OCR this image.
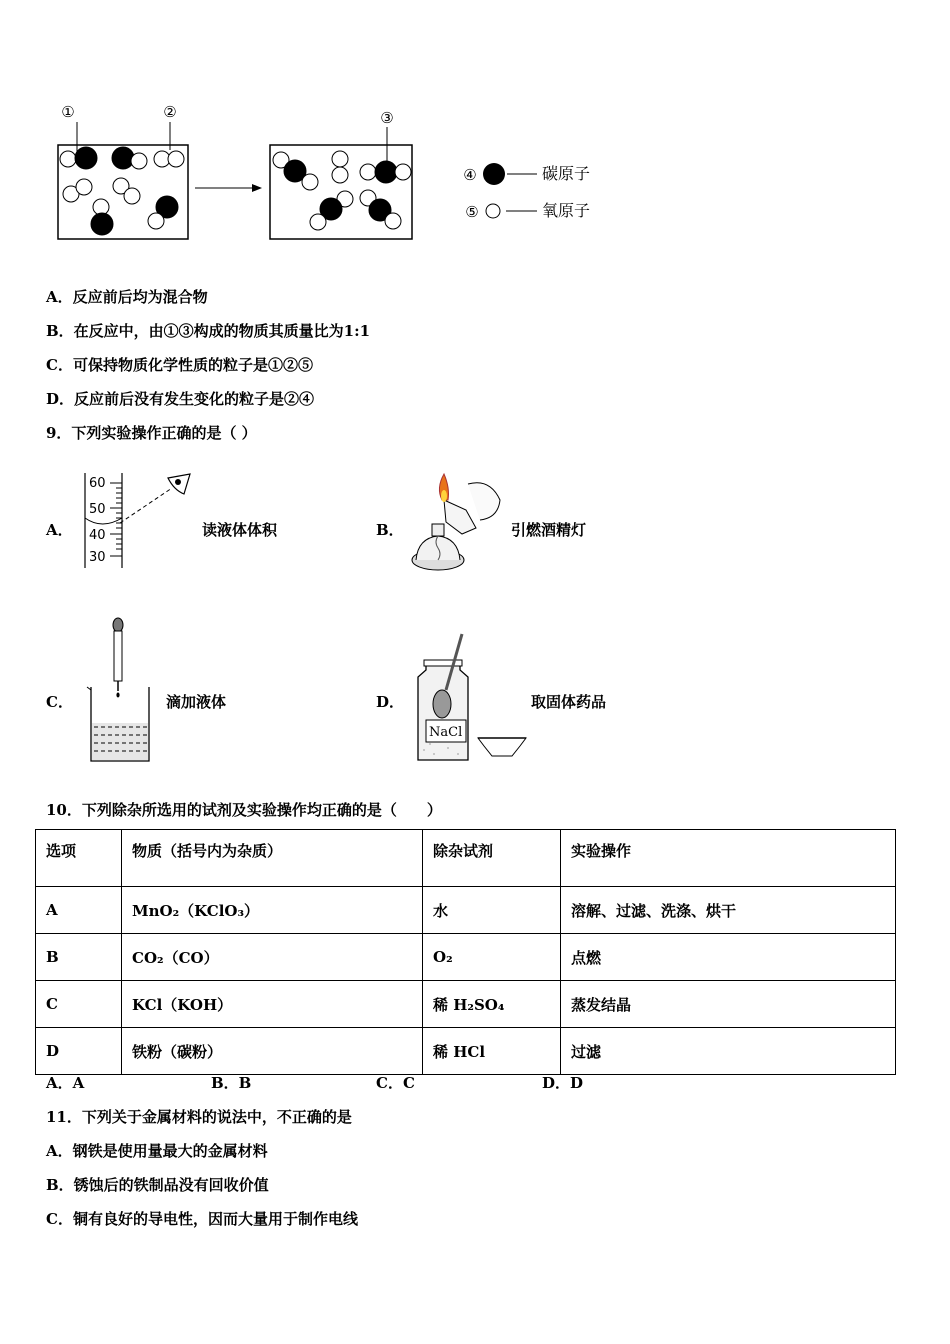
①	②	③
④	碳原子
⑤	氧原子
A．反应前后均为混合物
B．在反应中，由①③构成的物质其质量比为1:1
C．可保持物质化学性质的粒子是①②⑤
D．反应前后没有发生变化的粒子是②④
9．下列实验操作正确的是（ ）
A．
60
50
40
30
读液体体积	B．	引燃酒精灯
C．	滴加液体	D．
NaCl
取固体药品
10．下列除杂所选用的试剂及实验操作均正确的是（　　）
选项	物质（括号内为杂质）	除杂试剂	实验操作
A	MnO₂（KClO₃）	水	溶解、过滤、洗涤、烘干
B	CO₂（CO）	O₂	点燃
C	KCl（KOH）	稀 H₂SO₄	蒸发结晶
D	铁粉（碳粉）	稀 HCl	过滤
A．A	B．B	C．C	D．D
11．下列关于金属材料的说法中，不正确的是
A．钢铁是使用量最大的金属材料
B．锈蚀后的铁制品没有回收价值
C．铜有良好的导电性，因而大量用于制作电线
